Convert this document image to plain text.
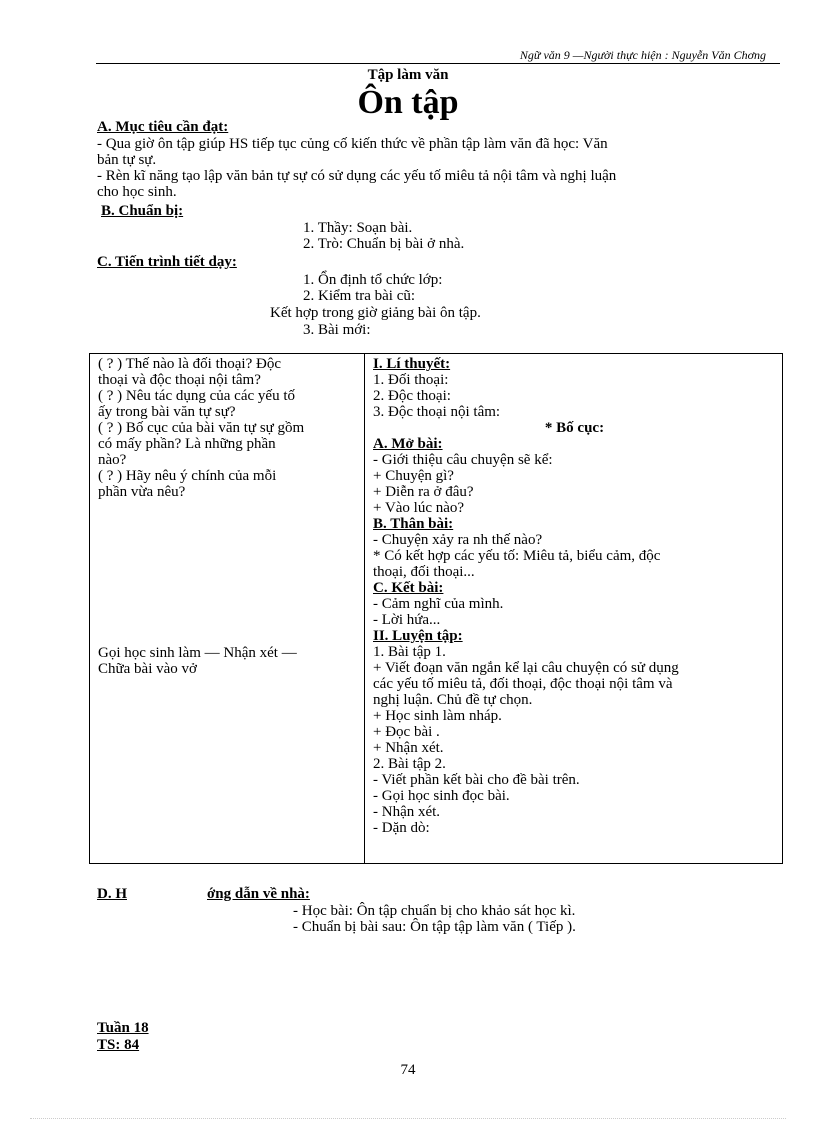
Ngữ văn 9 —Người thực hiện : Nguyễn Văn Chơng
Tập làm văn
Ôn tập
A. Mục tiêu cần đạt:
- Qua giờ ôn tập giúp HS tiếp tục củng cố kiến thức về phần tập làm văn đã học: Văn
bản tự sự.
- Rèn kĩ năng tạo lập văn bản tự sự có sử dụng các yếu tố miêu tả nội tâm và nghị luận
cho học sinh.
B. Chuẩn bị:
1. Thầy: Soạn bài.
2. Trò: Chuẩn bị bài ở nhà.
C. Tiến trình tiết dạy:
1. Ổn định tổ chức lớp:
2. Kiểm tra bài cũ:
Kết hợp trong giờ giảng bài ôn tập.
3. Bài mới:
( ? ) Thế nào là đối thoại? Độc
thoại và độc thoại nội tâm?
( ? ) Nêu tác dụng của các yếu tố
ấy trong bài văn tự sự?
( ? ) Bố cục của bài văn tự sự gồm
có mấy phần? Là những phần
nào?
( ? ) Hãy nêu ý chính của mỗi
phần vừa nêu?
Gọi học sinh làm — Nhận xét —
Chữa bài vào vở

I. Lí thuyết:
1. Đối thoại:
2. Độc thoại:
3. Độc thoại nội tâm:
* Bố cục:
A. Mở bài:
- Giới thiệu câu chuyện sẽ kể:
+ Chuyện gì?
+ Diễn ra ở đâu?
+ Vào lúc nào?
B. Thân bài:
- Chuyện xảy ra nh thế nào?
* Có kết hợp các yếu tố: Miêu tả, biểu cảm, độc
thoại, đối thoại...
C. Kết bài:
- Cảm nghĩ của mình.
- Lời hứa...
II. Luyện tập:
1. Bài tập 1.
+ Viết đoạn văn ngắn kể lại câu chuyện có sử dụng
các yếu tố miêu tả, đối thoại, độc thoại nội tâm và
nghị luận. Chủ đề tự chọn.
+ Học sinh làm nháp.
+ Đọc bài .
+ Nhận xét.
2. Bài tập 2.
- Viết phần kết bài cho đề bài trên.
- Gọi học sinh đọc bài.
- Nhận xét.
- Dặn dò:
D. H	ớng dẫn về nhà:
- Học bài: Ôn tập chuẩn bị cho khảo sát học kì.
- Chuẩn bị bài sau: Ôn tập tập làm văn ( Tiếp ).
Tuần 18
TS: 84
74
